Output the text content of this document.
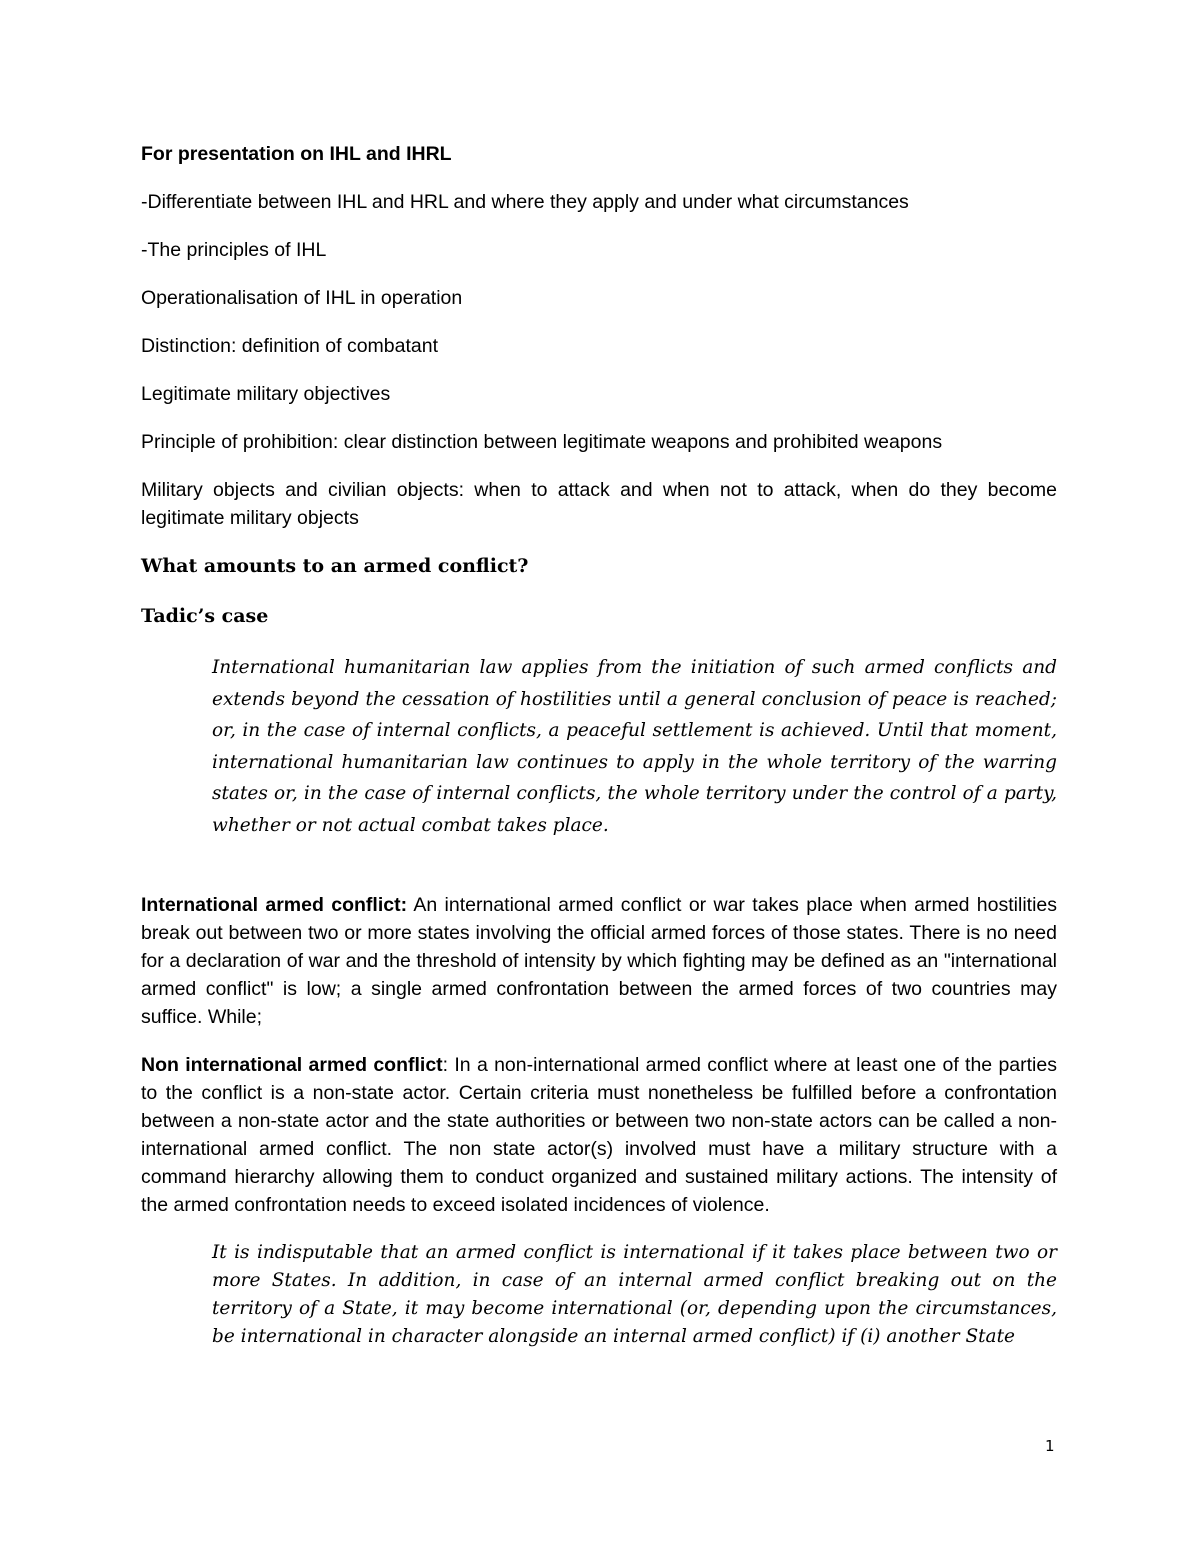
For presentation on IHL and IHRL

-Differentiate between IHL and HRL and where they apply and under what circumstances

-The principles of IHL

Operationalisation of IHL in operation

Distinction: definition of combatant

Legitimate military objectives

Principle of prohibition: clear distinction between legitimate weapons and prohibited weapons

Military objects and civilian objects: when to attack and when not to attack, when do they become legitimate military objects

What amounts to an armed conflict?

Tadic’s case

International humanitarian law applies from the initiation of such armed conflicts and extends beyond the cessation of hostilities until a general conclusion of peace is reached; or, in the case of internal conflicts, a peaceful settlement is achieved. Until that moment, international humanitarian law continues to apply in the whole territory of the warring states or, in the case of internal conflicts, the whole territory under the control of a party, whether or not actual combat takes place.

International armed conflict: An international armed conflict or war takes place when armed hostilities break out between two or more states involving the official armed forces of those states. There is no need for a declaration of war and the threshold of intensity by which fighting may be defined as an "international armed conflict" is low; a single armed confrontation between the armed forces of two countries may suffice. While;

Non international armed conflict: In a non-international armed conflict where at least one of the parties to the conflict is a non-state actor. Certain criteria must nonetheless be fulfilled before a confrontation between a non-state actor and the state authorities or between two non-state actors can be called a non-international armed conflict. The non state actor(s) involved must have a military structure with a command hierarchy allowing them to conduct organized and sustained military actions. The intensity of the armed confrontation needs to exceed isolated incidences of violence.

It is indisputable that an armed conflict is international if it takes place between two or more States. In addition, in case of an internal armed conflict breaking out on the territory of a State, it may become international (or, depending upon the circumstances, be international in character alongside an internal armed conflict) if (i) another State

1
